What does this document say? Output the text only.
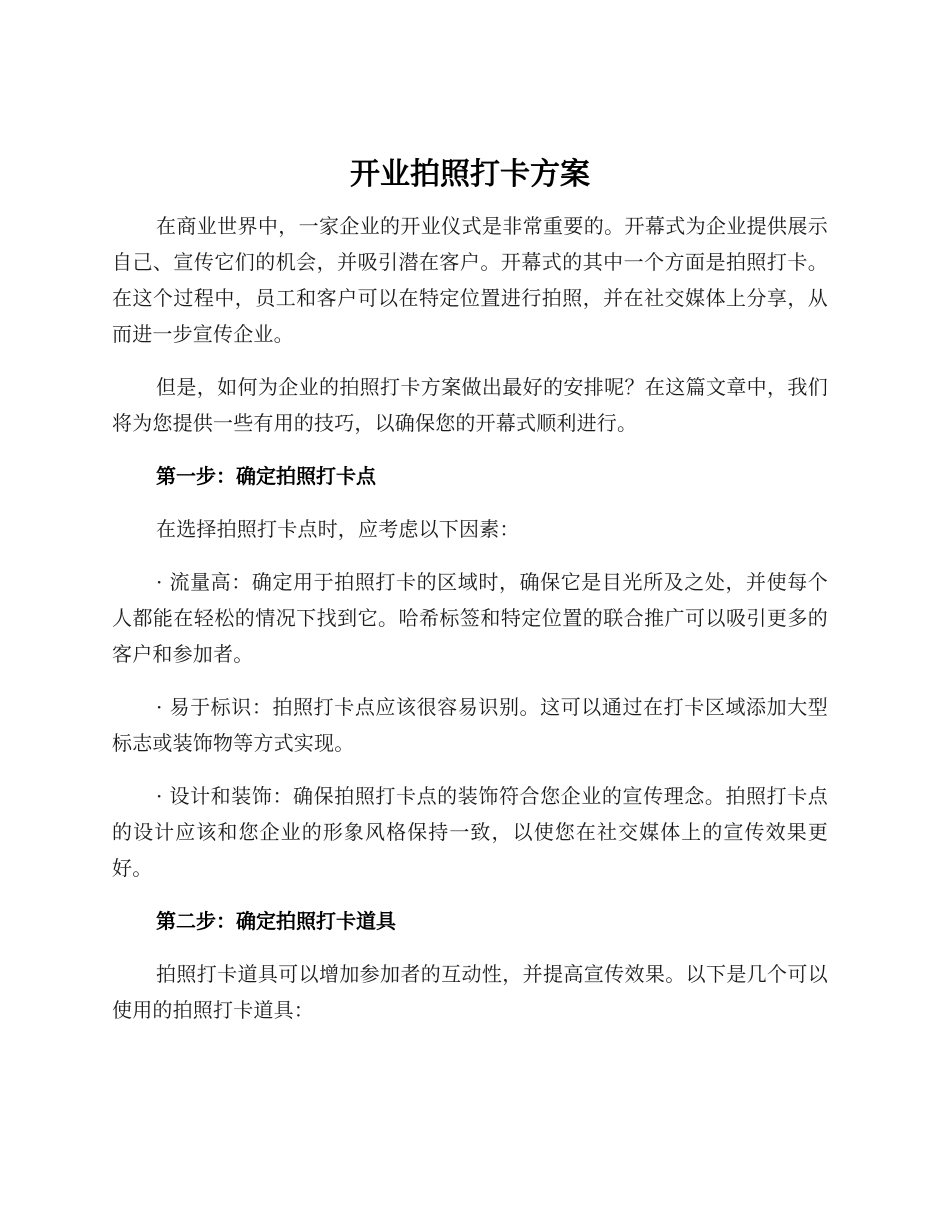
开业拍照打卡方案

在商业世界中，一家企业的开业仪式是非常重要的。开幕式为企业提供展示自己、宣传它们的机会，并吸引潜在客户。开幕式的其中一个方面是拍照打卡。在这个过程中，员工和客户可以在特定位置进行拍照，并在社交媒体上分享，从而进一步宣传企业。

但是，如何为企业的拍照打卡方案做出最好的安排呢？在这篇文章中，我们将为您提供一些有用的技巧，以确保您的开幕式顺利进行。

第一步：确定拍照打卡点

在选择拍照打卡点时，应考虑以下因素：

· 流量高：确定用于拍照打卡的区域时，确保它是目光所及之处，并使每个人都能在轻松的情况下找到它。哈希标签和特定位置的联合推广可以吸引更多的客户和参加者。

· 易于标识：拍照打卡点应该很容易识别。这可以通过在打卡区域添加大型标志或装饰物等方式实现。

· 设计和装饰：确保拍照打卡点的装饰符合您企业的宣传理念。拍照打卡点的设计应该和您企业的形象风格保持一致，以使您在社交媒体上的宣传效果更好。

第二步：确定拍照打卡道具

拍照打卡道具可以增加参加者的互动性，并提高宣传效果。以下是几个可以使用的拍照打卡道具：
